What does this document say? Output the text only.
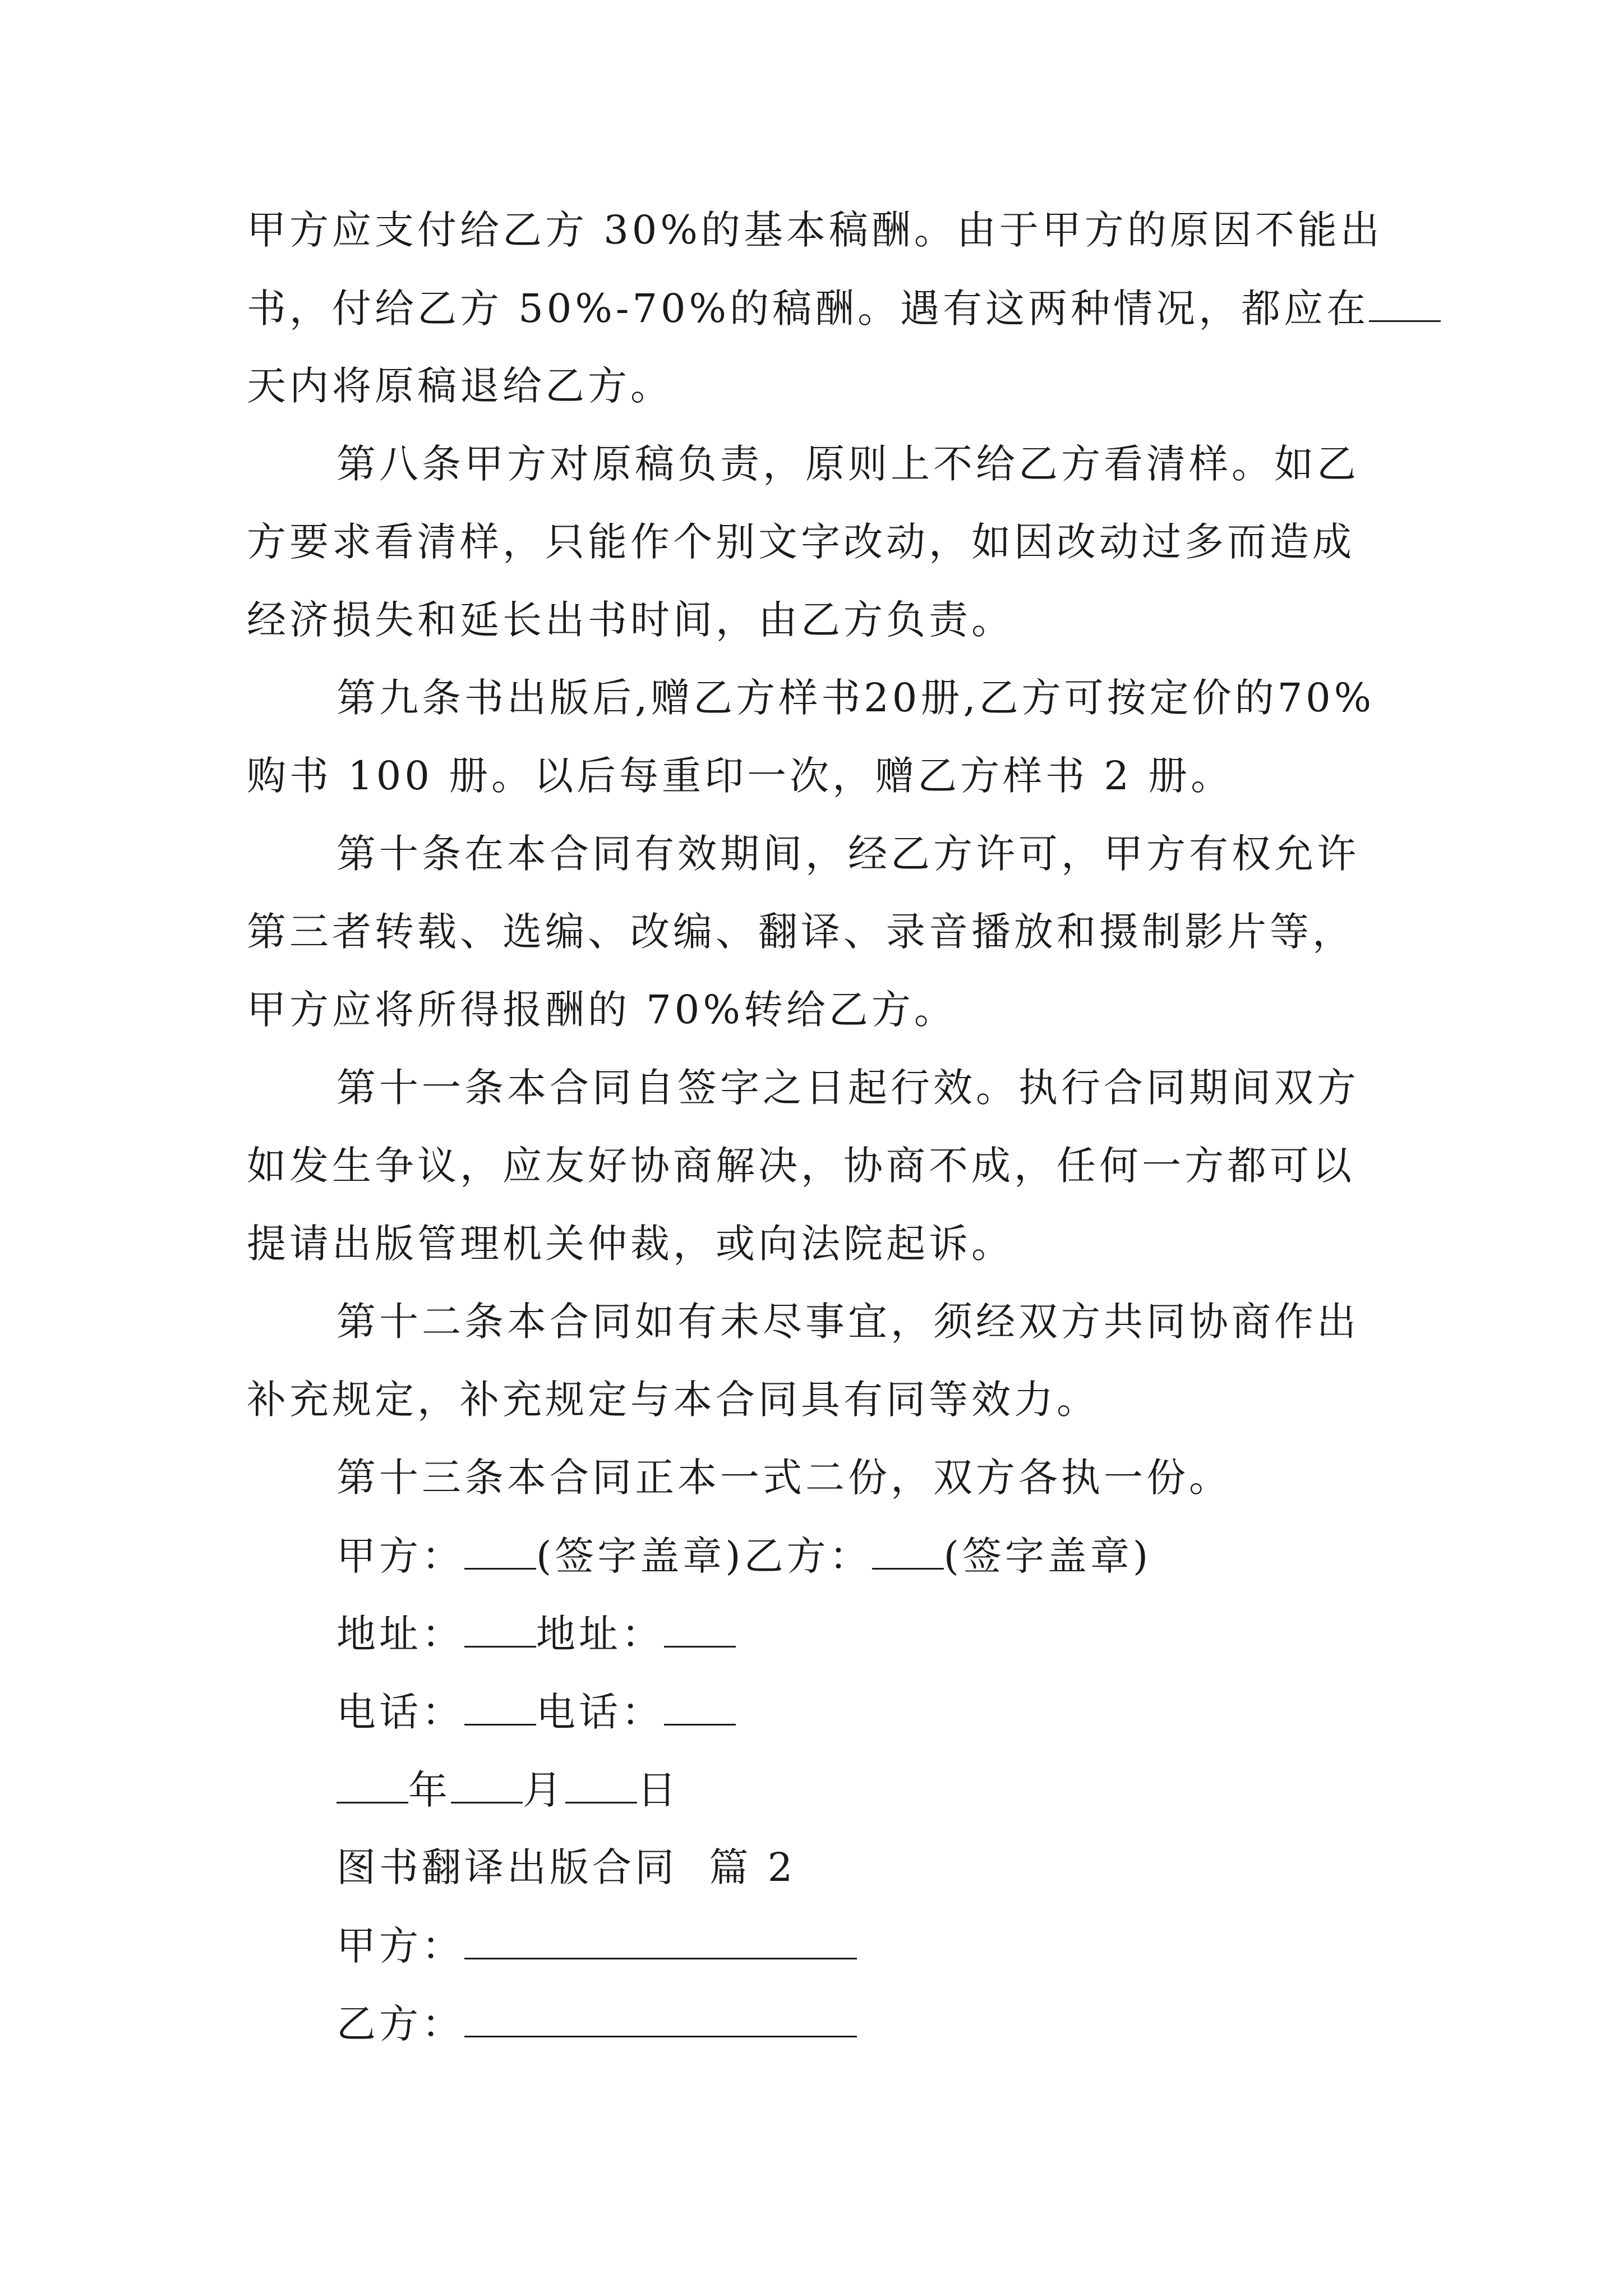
甲方应支付给乙方 30%的基本稿酬。由于甲方的原因不能出
书，付给乙方 50%-70%的稿酬。遇有这两种情况，都应在
天内将原稿退给乙方。
第八条甲方对原稿负责，原则上不给乙方看清样。如乙
方要求看清样，只能作个别文字改动，如因改动过多而造成
经济损失和延长出书时间，由乙方负责。
第九条书出版后,赠乙方样书20册,乙方可按定价的70%
购书 100 册。以后每重印一次，赠乙方样书 2 册。
第十条在本合同有效期间，经乙方许可，甲方有权允许
第三者转载、选编、改编、翻译、录音播放和摄制影片等，
甲方应将所得报酬的 70%转给乙方。
第十一条本合同自签字之日起行效。执行合同期间双方
如发生争议，应友好协商解决，协商不成，任何一方都可以
提请出版管理机关仲裁，或向法院起诉。
第十二条本合同如有未尽事宜，须经双方共同协商作出
补充规定，补充规定与本合同具有同等效力。
第十三条本合同正本一式二份，双方各执一份。
甲方： (签字盖章)乙方： (签字盖章)
地址： 地址：
电话： 电话：
年 月 日
图书翻译出版合同  篇 2
甲方：
乙方：
